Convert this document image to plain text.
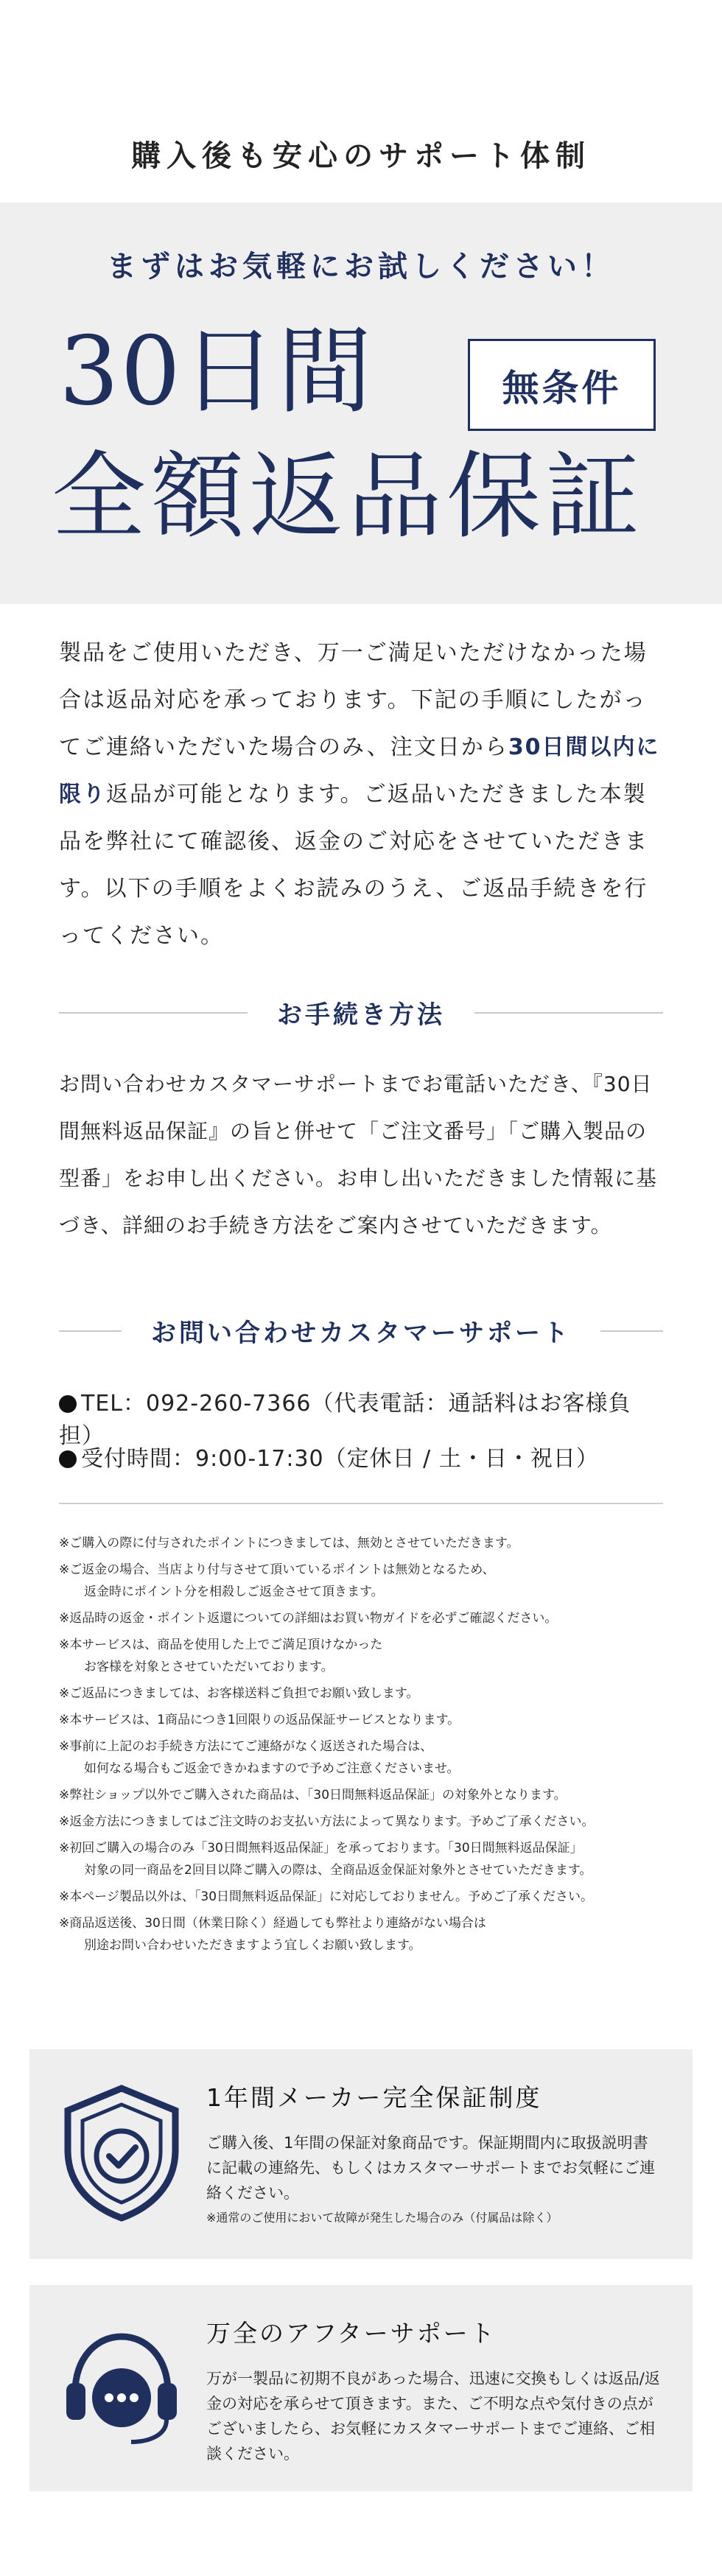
購入後も安心のサポート体制
まずはお気軽にお試しください！
30日間	無条件
全額返品保証
製品をご使用いただき、万一ご満足いただけなかった場合は返品対応を承っております。下記の手順にしたがってご連絡いただいた場合のみ、注文日から30日間以内に限り返品が可能となります。ご返品いただきました本製品を弊社にて確認後、返金のご対応をさせていただきます。以下の手順をよくお読みのうえ、ご返品手続きを行ってください。
お手続き方法
お問い合わせカスタマーサポートまでお電話いただき、『30日間無料返品保証』の旨と併せて「ご注文番号」「ご購入製品の型番」をお申し出ください。お申し出いただきました情報に基づき、詳細のお手続き方法をご案内させていただきます。
お問い合わせカスタマーサポート
TEL：092-260-7366（代表電話：通話料はお客様負担）
受付時間：9:00-17:30（定休日 / 土・日・祝日）
※ご購入の際に付与されたポイントにつきましては、無効とさせていただきます。
※ご返金の場合、当店より付与させて頂いているポイントは無効となるため、
返金時にポイント分を相殺しご返金させて頂きます。
※返品時の返金・ポイント返還についての詳細はお買い物ガイドを必ずご確認ください。
※本サービスは、商品を使用した上でご満足頂けなかった
お客様を対象とさせていただいております。
※ご返品につきましては、お客様送料ご負担でお願い致します。
※本サービスは、1商品につき1回限りの返品保証サービスとなります。
※事前に上記のお手続き方法にてご連絡がなく返送された場合は、
如何なる場合もご返金できかねますので予めご注意くださいませ。
※弊社ショップ以外でご購入された商品は、「30日間無料返品保証」の対象外となります。
※返金方法につきましてはご注文時のお支払い方法によって異なります。予めご了承ください。
※初回ご購入の場合のみ「30日間無料返品保証」を承っております。「30日間無料返品保証」
対象の同一商品を2回目以降ご購入の際は、全商品返金保証対象外とさせていただきます。
※本ページ製品以外は、「30日間無料返品保証」に対応しておりません。予めご了承ください。
※商品返送後、30日間（休業日除く）経過しても弊社より連絡がない場合は
別途お問い合わせいただきますよう宜しくお願い致します。
1年間メーカー完全保証制度
ご購入後、1年間の保証対象商品です。保証期間内に取扱説明書に記載の連絡先、もしくはカスタマーサポートまでお気軽にご連絡ください。
※通常のご使用において故障が発生した場合のみ（付属品は除く）
万全のアフターサポート
万が一製品に初期不良があった場合、迅速に交換もしくは返品/返金の対応を承らせて頂きます。また、ご不明な点や気付きの点がございましたら、お気軽にカスタマーサポートまでご連絡、ご相談ください。
